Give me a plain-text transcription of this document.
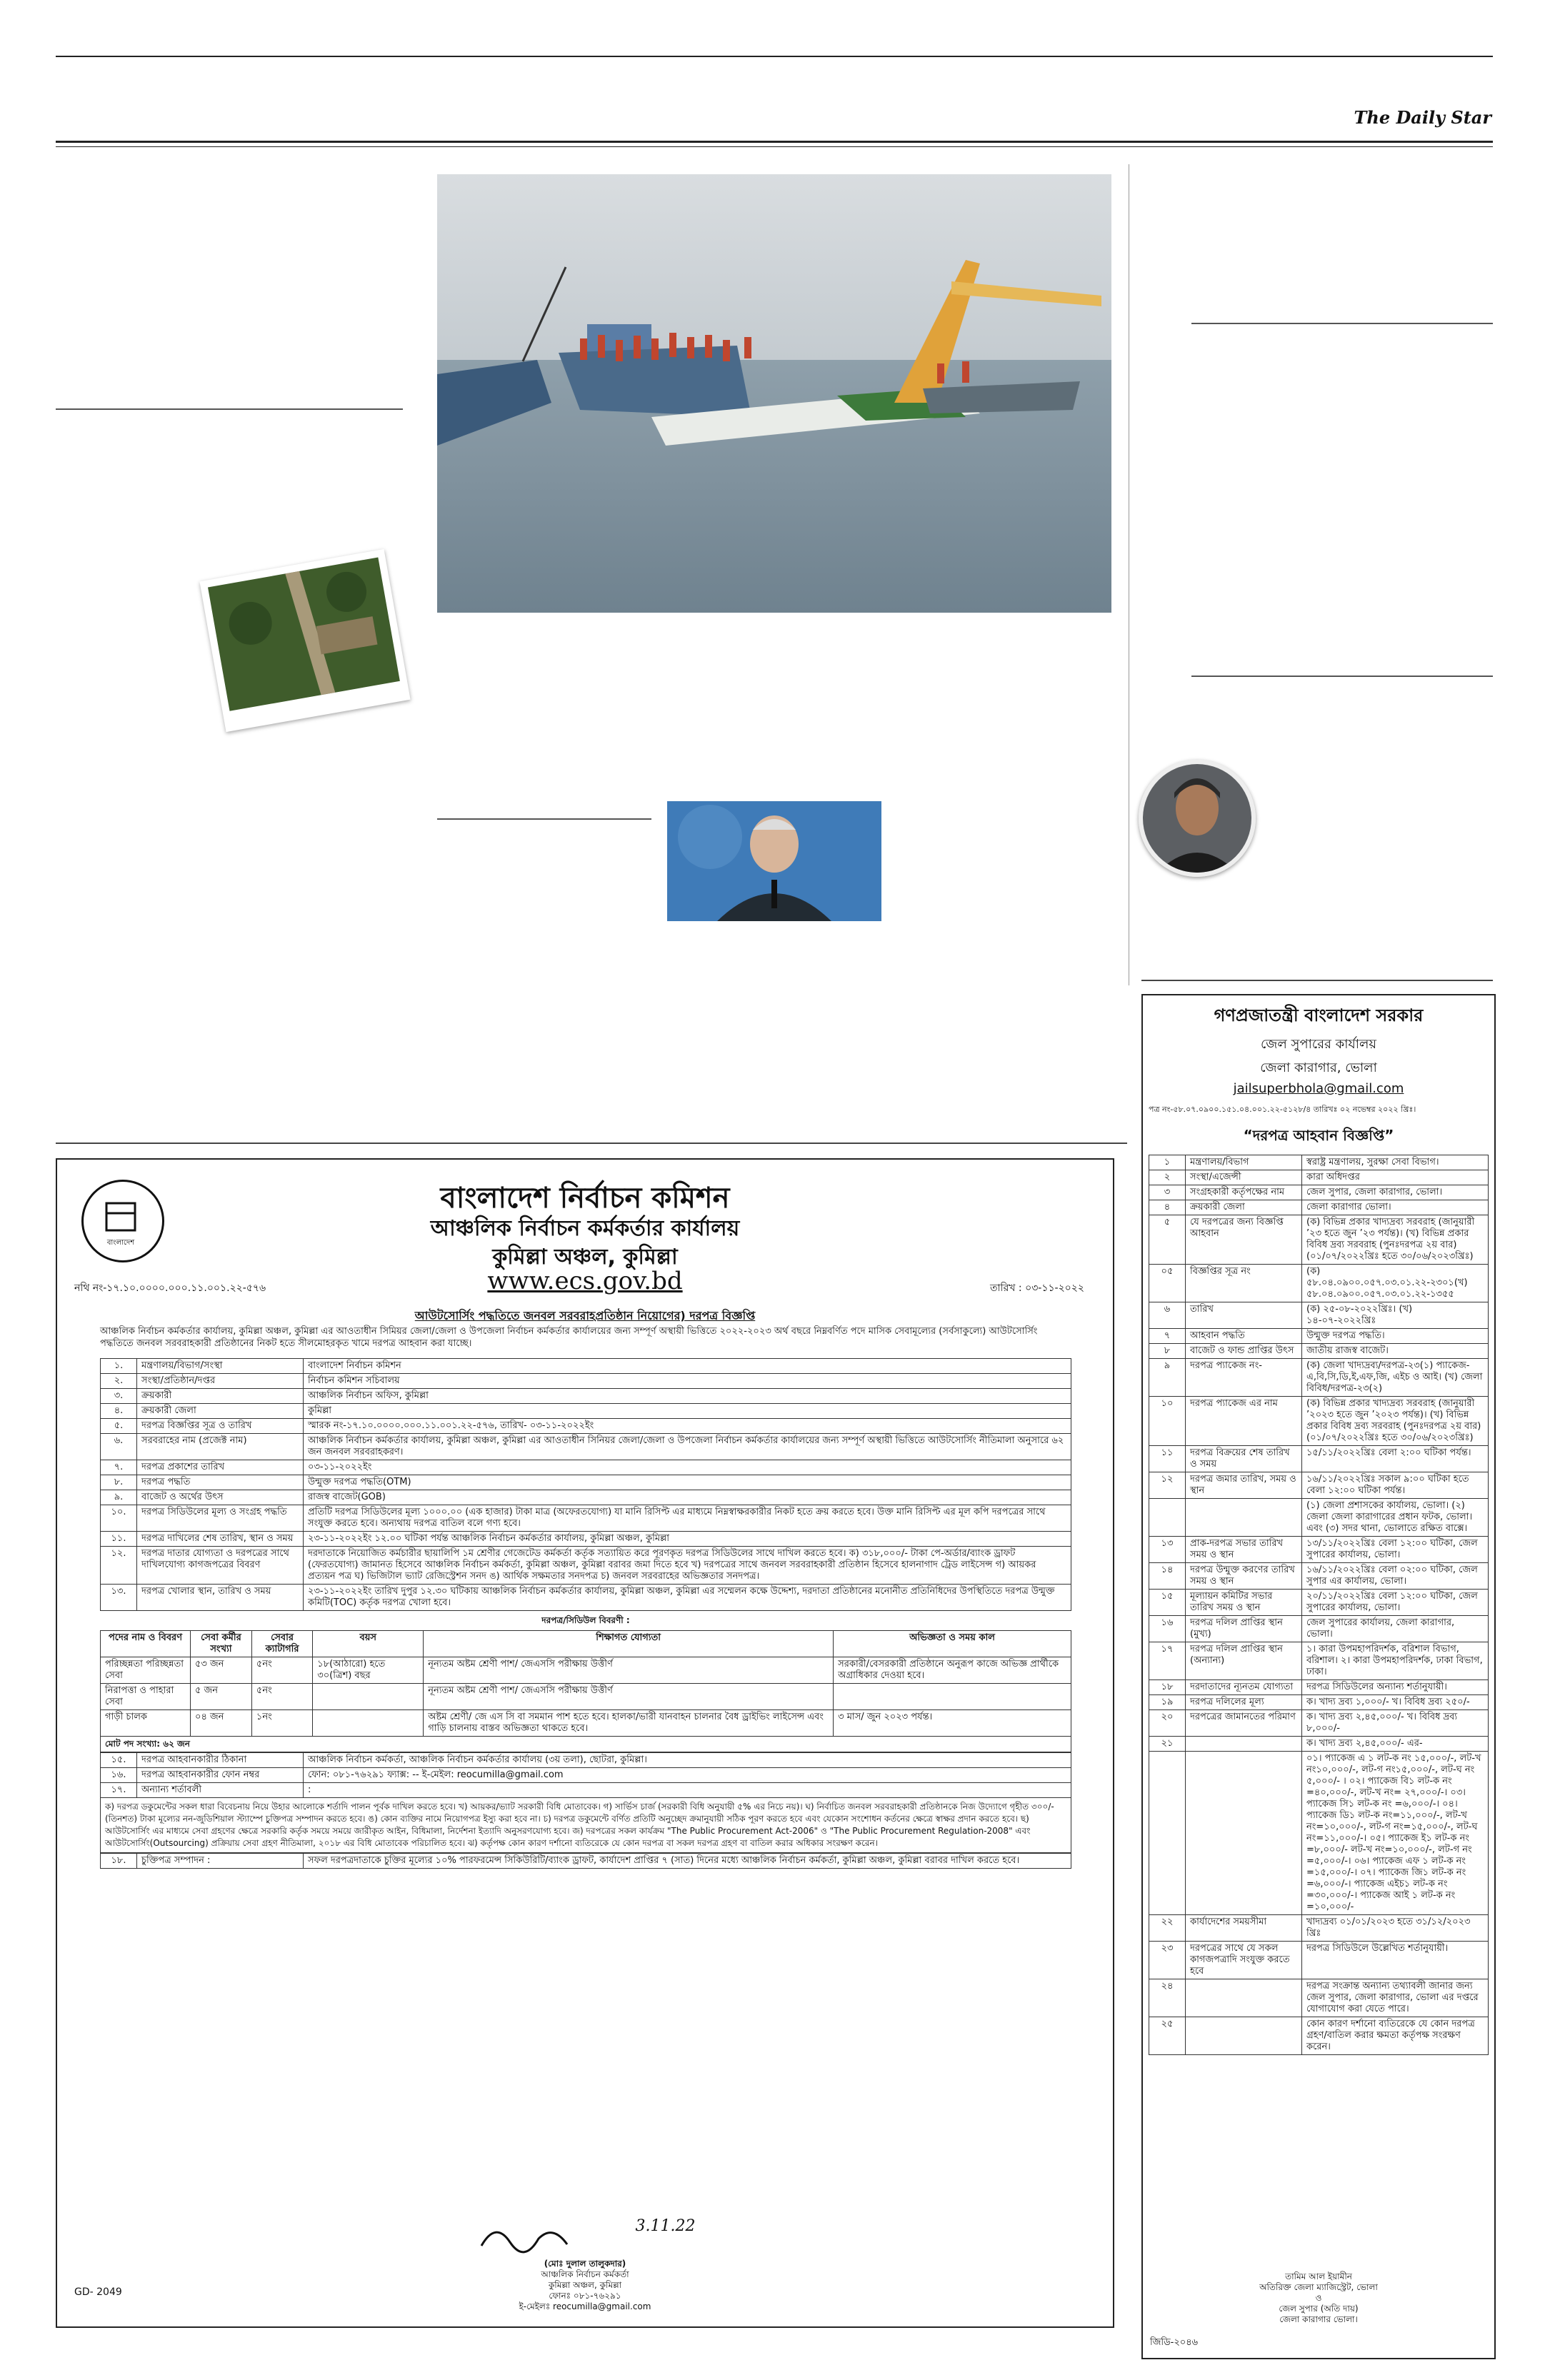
The Daily Star
বাংলাদেশ
বাংলাদেশ নির্বাচন কমিশন
আঞ্চলিক নির্বাচন কর্মকর্তার কার্যালয়
কুমিল্লা অঞ্চল, কুমিল্লা
www.ecs.gov.bd
নথি নং-১৭.১০.০০০০.০০০.১১.০০১.২২-৫৭৬	তারিখ : ০৩-১১-২০২২
আউটসোর্সিং পদ্ধতিতে জনবল সরবরাহপ্রতিষ্ঠান নিয়োগের) দরপত্র বিজ্ঞপ্তি
আঞ্চলিক নির্বাচন কর্মকর্তার কার্যালয়, কুমিল্লা অঞ্চল, কুমিল্লা এর আওতাধীন সিমিয়র জেলা/জেলা ও উপজেলা নির্বাচন কর্মকর্তার কার্যালয়ের জন্য সম্পূর্ণ অস্থায়ী ভিত্তিতে ২০২২-২০২৩ অর্থ বছরে নিম্নবর্ণিত পদে মাসিক সেবামূল্যের (সর্বসাকুল্যে) আউটসোর্সিং পদ্ধতিতে জনবল সরবরাহকারী প্রতিষ্ঠানের নিকট হতে সীলমোহরকৃত খামে দরপত্র আহবান করা যাচ্ছে।
১.	মন্ত্রণালয়/বিভাগ/সংস্থা	বাংলাদেশ নির্বাচন কমিশন
২.	সংস্থা/প্রতিষ্ঠান/দপ্তর	নির্বাচন কমিশন সচিবালয়
৩.	ক্রয়কারী	আঞ্চলিক নির্বাচন অফিস, কুমিল্লা
৪.	ক্রয়কারী জেলা	কুমিল্লা
৫.	দরপত্র বিজ্ঞপ্তির সূত্র ও তারিখ	স্মারক নং-১৭.১০.০০০০.০০০.১১.০০১.২২-৫৭৬, তারিখ- ০৩-১১-২০২২ইং
৬.	সরবরাহের নাম (প্রজেক্ট নাম)	আঞ্চলিক নির্বাচন কর্মকর্তার কার্যালয়, কুমিল্লা অঞ্চল, কুমিল্লা এর আওতাধীন সিনিয়র জেলা/জেলা ও উপজেলা নির্বাচন কর্মকর্তার কার্যালয়ের জন্য সম্পূর্ণ অস্থায়ী ভিত্তিতে আউটসোর্সিং নীতিমালা অনুসারে ৬২ জন জনবল সরবরাহকরণ।
৭.	দরপত্র প্রকাশের তারিখ	০৩-১১-২০২২ইং
৮.	দরপত্র পদ্ধতি	উন্মুক্ত দরপত্র পদ্ধতি(OTM)
৯.	বাজেট ও অর্থের উৎস	রাজস্ব বাজেট(GOB)
১০.	দরপত্র সিডিউলের মূল্য ও সংগ্রহ পদ্ধতি	প্রতিটি দরপত্র সিডিউলের মূল্য ১০০০.০০ (এক হাজার) টাকা মাত্র (অফেরতযোগ্য) যা মানি রিসিপ্ট এর মাধ্যমে নিম্নস্বাক্ষরকারীর নিকট হতে ক্রয় করতে হবে। উক্ত মানি রিসিপ্ট এর মূল কপি দরপত্রের সাথে সংযুক্ত করতে হবে। অন্যথায় দরপত্র বাতিল বলে গণ্য হবে।
১১.	দরপত্র দাখিলের শেষ তারিখ, স্থান ও সময়	২৩-১১-২০২২ইং ১২.০০ ঘটিকা পর্যন্ত আঞ্চলিক নির্বাচন কর্মকর্তার কার্যালয়, কুমিল্লা অঞ্চল, কুমিল্লা
১২.	দরপত্র দাতার যোগ্যতা ও দরপত্রের সাথে দাখিলযোগ্য কাগজপত্রের বিবরণ	দরদাতাকে নিয়োজিত কর্মচারীর ছায়ালিপি ১ম শ্রেণীর গেজেটেড কর্মকর্তা কর্তৃক সত্যায়িত করে পূরণকৃত দরপত্র সিডিউলের সাথে দাখিল করতে হবে। ক) ৩১৮,০০০/- টাকা পে-অর্ডার/ব্যাংক ড্রাফট (ফেরতযোগ্য) জামানত হিসেবে আঞ্চলিক নির্বাচন কর্মকর্তা, কুমিল্লা অঞ্চল, কুমিল্লা বরাবর জমা দিতে হবে খ) দরপত্রের সাথে জনবল সরবরাহকারী প্রতিষ্ঠান হিসেবে হালনাগাদ ট্রেড লাইসেন্স গ) আয়কর প্রত্যয়ন পত্র ঘ) ভিজিটাল ভ্যাট রেজিস্ট্রেশন সনদ ঙ) আর্থিক সক্ষমতার সনদপত্র চ) জনবল সরবরাহের অভিজ্ঞতার সনদপত্র।
১৩.	দরপত্র খোলার স্থান, তারিখ ও সময়	২৩-১১-২০২২ইং তারিখ দুপুর ১২.৩০ ঘটিকায় আঞ্চলিক নির্বাচন কর্মকর্তার কার্যালয়, কুমিল্লা অঞ্চল, কুমিল্লা এর সম্মেলন কক্ষে উদ্দেশ্য, দরদাতা প্রতিষ্ঠানের মনোনীত প্রতিনিধিদের উপস্থিতিতে দরপত্র উন্মুক্ত কমিটি(TOC) কর্তৃক দরপত্র খোলা হবে।
দরপত্র/সিডিউল বিবরণী :
পদের নাম ও বিবরণ	সেবা কর্মীর সংখ্যা	সেবার ক্যাটাগরি	বয়স	শিক্ষাগত যোগ্যতা	অভিজ্ঞতা ও সময় কাল
পরিচ্ছন্নতা পরিচ্ছন্নতা সেবা	৫৩ জন	৫নং	১৮(আঠারো) হতে ৩০(ত্রিশ) বছর	নূন্যতম অষ্টম শ্রেণী পাশ/ জেএসসি পরীক্ষায় উত্তীর্ণ	সরকারী/বেসরকারী প্রতিষ্ঠানে অনুরূপ কাজে অভিজ্ঞ প্রার্থীকে অগ্রাধিকার দেওয়া হবে।
নিরাপত্তা ও পাহারা সেবা	৫ জন	৫নং		নূন্যতম অষ্টম শ্রেণী পাশ/ জেএসসি পরীক্ষায় উত্তীর্ণ	
গাড়ী চালক	০৪ জন	১নং		অষ্টম শ্রেণী/ জে এস সি বা সমমান পাশ হতে হবে। হালকা/ভারী যানবাহন চালনার বৈধ ড্রাইভিং লাইসেন্স এবং গাড়ি চালনায় বাস্তব অভিজ্ঞতা থাকতে হবে।	৩ মাস/ জুন ২০২৩ পর্যন্ত।
মোট পদ সংখ্যা: ৬২ জন
১৫.	দরপত্র আহবানকারীর ঠিকানা	আঞ্চলিক নির্বাচন কর্মকর্তা, আঞ্চলিক নির্বাচন কর্মকর্তার কার্যালয় (৩য় তলা), ছোটরা, কুমিল্লা।
১৬.	দরপত্র আহবানকারীর ফোন নম্বর	ফোন: ০৮১-৭৬২৯১ ফ্যাক্স: -- ই-মেইল: reocumilla@gmail.com
১৭.	অন্যান্য শর্তাবলী	:
ক) দরপত্র ডকুমেন্টের সকল ধারা বিবেচনায় নিয়ে উহার আলোকে শর্তাদি পালন পূর্বক দাখিল করতে হবে। খ) আয়কর/ভ্যাট সরকারী বিধি মোতাবেক। গ) সার্ভিস চার্জ (সরকারী বিধি অনুযায়ী ৫% এর নিচে নয়)। ঘ) নির্বাচিত জনবল সরবরাহকারী প্রতিষ্ঠানকে নিজ উদ্যোগে গৃহীত ৩০০/-(তিনশত) টাকা মূল্যের নন-জুডিশিয়াল স্ট্যাম্পে চুক্তিপত্র সম্পাদন করতে হবে। ঙ) কোন ব্যক্তির নামে নিয়োগপত্র ইস্যু করা হবে না। চ) দরপত্র ডকুমেন্টে বর্ণিত প্রতিটি অনুচ্ছেদ ক্রমানুযায়ী সঠিক পূরণ করতে হবে এবং যেকোন সংশোধন কর্তনের ক্ষেত্রে স্বাক্ষর প্রদান করতে হবে। ছ) আউটসোর্সিং এর মাধ্যমে সেবা গ্রহণের ক্ষেত্রে সরকারি কর্তৃক সময়ে সময়ে জারীকৃত আইন, বিধিমালা, নির্দেশনা ইত্যাদি অনুসরণযোগ্য হবে। জ) দরপত্রের সকল কার্যক্রম "The Public Procurement Act-2006" ও "The Public Procurement Regulation-2008" এবং আউটসোর্সিং(Outsourcing) প্রক্রিয়ায় সেবা গ্রহণ নীতিমালা, ২০১৮ এর বিধি মোতাবেক পরিচালিত হবে। ঝ) কর্তৃপক্ষ কোন কারণ দর্শানো ব্যতিরেকে যে কোন দরপত্র বা সকল দরপত্র গ্রহণ বা বাতিল করার অধিকার সংরক্ষণ করেন।
১৮.	চুক্তিপত্র সম্পাদন :	সফল দরপত্রদাতাকে চুক্তির মূল্যের ১০% পারফরমেন্স সিকিউরিটি/ব্যাংক ড্রাফট, কার্যাদেশ প্রাপ্তির ৭ (সাত) দিনের মধ্যে আঞ্চলিক নির্বাচন কর্মকর্তা, কুমিল্লা অঞ্চল, কুমিল্লা বরাবর দাখিল করতে হবে।
3.11.22
(মোঃ দুলাল তালুকদার)
আঞ্চলিক নির্বাচন কর্মকর্তা
কুমিল্লা অঞ্চল, কুমিল্লা
ফোনঃ ০৮১-৭৬২৯১
ই-মেইলঃ reocumilla@gmail.com
GD- 2049
গণপ্রজাতন্ত্রী বাংলাদেশ সরকার
জেল সুপারের কার্যালয়
জেলা কারাগার, ভোলা
jailsuperbhola@gmail.com
পত্র নং-৫৮.০৭.০৯০০.১৫১.০৪.০০১.২২-৫১২৮/৪ তারিখঃ ০২ নভেম্বর ২০২২ খ্রিঃ।
“দরপত্র আহবান বিজ্ঞপ্তি”
১	মন্ত্রণালয়/বিভাগ	স্বরাষ্ট্র মন্ত্রণালয়, সুরক্ষা সেবা বিভাগ।
২	সংস্থা/এজেন্সী	কারা অধিদপ্তর
৩	সংগ্রহকারী কর্তৃপক্ষের নাম	জেল সুপার, জেলা কারাগার, ভোলা।
৪	ক্রয়কারী জেলা	জেলা কারাগার ভোলা।
৫	যে দরপত্রের জন্য বিজ্ঞপ্তি আহবান	(ক) বিভিন্ন প্রকার খাদ্যদ্রব্য সরবরাহ (জানুয়ারী ’২৩ হতে জুন ’২৩ পর্যন্ত)। (খ) বিভিন্ন প্রকার বিবিধ দ্রব্য সরবরাহ (পুনঃদরপত্র ২য় বার) (০১/০৭/২০২২খ্রিঃ হতে ৩০/০৬/২০২৩খ্রিঃ)
০৫	বিজ্ঞপ্তির সূত্র নং	(ক) ৫৮.০৪.০৯০০.০৫৭.০৩.০১.২২-২৩০১(খ) ৫৮.০৪.০৯০০.০৫৭.০৩.০১.২২-১৩৫৫
৬	তারিখ	(ক) ২৫-০৮-২০২২খ্রিঃ। (খ) ১৪-০৭-২০২২খ্রিঃ
৭	আহবান পদ্ধতি	উন্মুক্ত দরপত্র পদ্ধতি।
৮	বাজেট ও ফান্ড প্রাপ্তির উৎস	জাতীয় রাজস্ব বাজেট।
৯	দরপত্র প্যাকেজ নং-	(ক) জেলা খাদ্যদ্রব্য/দরপত্র-২৩(১) প্যাকেজ-এ,বি,সি,ডি,ই,এফ,জি, এইচ ও আই। (খ) জেলা বিবিধ/দরপত্র-২৩(২)
১০	দরপত্র প্যাকেজ এর নাম	(ক) বিভিন্ন প্রকার খাদ্যদ্রব্য সরবরাহ (জানুয়ারী ’২০২৩ হতে জুন ’২০২৩ পর্যন্ত)। (খ) বিভিন্ন প্রকার বিবিধ দ্রব্য সরবরাহ (পুনঃদরপত্র ২য় বার) (০১/০৭/২০২২খ্রিঃ হতে ৩০/০৬/২০২৩খ্রিঃ)
১১	দরপত্র বিক্রয়ের শেষ তারিখ ও সময়	১৫/১১/২০২২খ্রিঃ বেলা ২:০০ ঘটিকা পর্যন্ত।
১২	দরপত্র জমার তারিখ, সময় ও স্থান	১৬/১১/২০২২খ্রিঃ সকাল ৯:০০ ঘটিকা হতে বেলা ১২:০০ ঘটিকা পর্যন্ত।
		(১) জেলা প্রশাসকের কার্যালয়, ভোলা। (২) জেলা জেলা কারাগারের প্রধান ফটক, ভোলা। এবং (৩) সদর থানা, ভোলাতে রক্ষিত বাক্সে।
১৩	প্রাক-দরপত্র সভার তারিখ সময় ও স্থান	১৩/১১/২০২২খ্রিঃ বেলা ১২:০০ ঘটিকা, জেল সুপারের কার্যালয়, ভোলা।
১৪	দরপত্র উন্মুক্ত করণের তারিখ সময় ও স্থান	১৬/১১/২০২২খ্রিঃ বেলা ০২:০০ ঘটিকা, জেল সুপার এর কার্যালয়, ভোলা।
১৫	মূল্যায়ন কমিটির সভার তারিখ সময় ও স্থান	২০/১১/২০২২খ্রিঃ বেলা ১২:০০ ঘটিকা, জেল সুপারের কার্যালয়, ভোলা।
১৬	দরপত্র দলিল প্রাপ্তির স্থান (মুখ্য)	জেল সুপারের কার্যালয়, জেলা কারাগার, ভোলা।
১৭	দরপত্র দলিল প্রাপ্তির স্থান (অন্যান্য)	১। কারা উপমহাপরিদর্শক, বরিশাল বিভাগ, বরিশাল। ২। কারা উপমহাপরিদর্শক, ঢাকা বিভাগ, ঢাকা।
১৮	দরদাতাদের ন্যূনতম যোগ্যতা	দরপত্র সিডিউলের অন্যান্য শর্তানুযায়ী।
১৯	দরপত্র দলিলের মূল্য	ক। খাদ্য দ্রব্য ১,০০০/- খ। বিবিধ দ্রব্য ২৫০/-
২০	দরপত্রের জামানতের পরিমাণ	ক। খাদ্য দ্রব্য ২,৪৫,০০০/- খ। বিবিধ দ্রব্য ৮,০০০/-
২১		ক। খাদ্য দ্রব্য ২,৪৫,০০০/- এর-
		০১। প্যাকেজ এ ১ লট-ক নং ১৫,০০০/-, লট-খ নং১০,০০০/-, লট-গ নং১৫,০০০/-, লট-ঘ নং ৫,০০০/- । ০২। প্যাকেজ বি১ লট-ক নং =৪০,০০০/-, লট-খ নং= ২৭,০০০/-। ০৩। প্যাকেজ সি১ লট-ক নং =৬,০০০/-। ০৪। প্যাকেজ ডি১ লট-ক নং=১১,০০০/-, লট-খ নং=১০,০০০/-, লট-গ নং=১৫,০০০/-, লট-ঘ নং=১১,০০০/-। ০৫। প্যাকেজ ই১ লট-ক নং =৮,০০০/- লট-খ নং=১০,০০০/-, লট-গ নং =৫,০০০/-। ০৬। প্যাকেজ এফ ১ লট-ক নং =১৫,০০০/-। ০৭। প্যাকেজ জি১ লট-ক নং =৬,০০০/-। প্যাকেজ এইচ১ লট-ক নং =৩০,০০০/-। প্যাকেজ আই ১ লট-ক নং =১০,০০০/-
২২	কার্যাদেশের সময়সীমা	খাদ্যদ্রব্য ০১/০১/২০২৩ হতে ৩১/১২/২০২৩ খ্রিঃ
২৩	দরপত্রের সাথে যে সকল কাগজপত্রাদি সংযুক্ত করতে হবে	দরপত্র সিডিউলে উল্লেখিত শর্তানুযায়ী।
২৪		দরপত্র সংক্রান্ত অন্যান্য তথ্যাবলী জানার জন্য জেল সুপার, জেলা কারাগার, ভোলা এর দপ্তরে যোগাযোগ করা যেতে পারে।
২৫		কোন কারণ দর্শানো ব্যতিরেকে যে কোন দরপত্র গ্রহণ/বাতিল করার ক্ষমতা কর্তৃপক্ষ সংরক্ষণ করেন।
তামিম আল ইয়ামীন
অতিরিক্ত জেলা ম্যাজিস্ট্রেট, ভোলা
ও
জেল সুপার (অতি দায়)
জেলা কারাগার ভোলা।
জিডি-২০৪৬
